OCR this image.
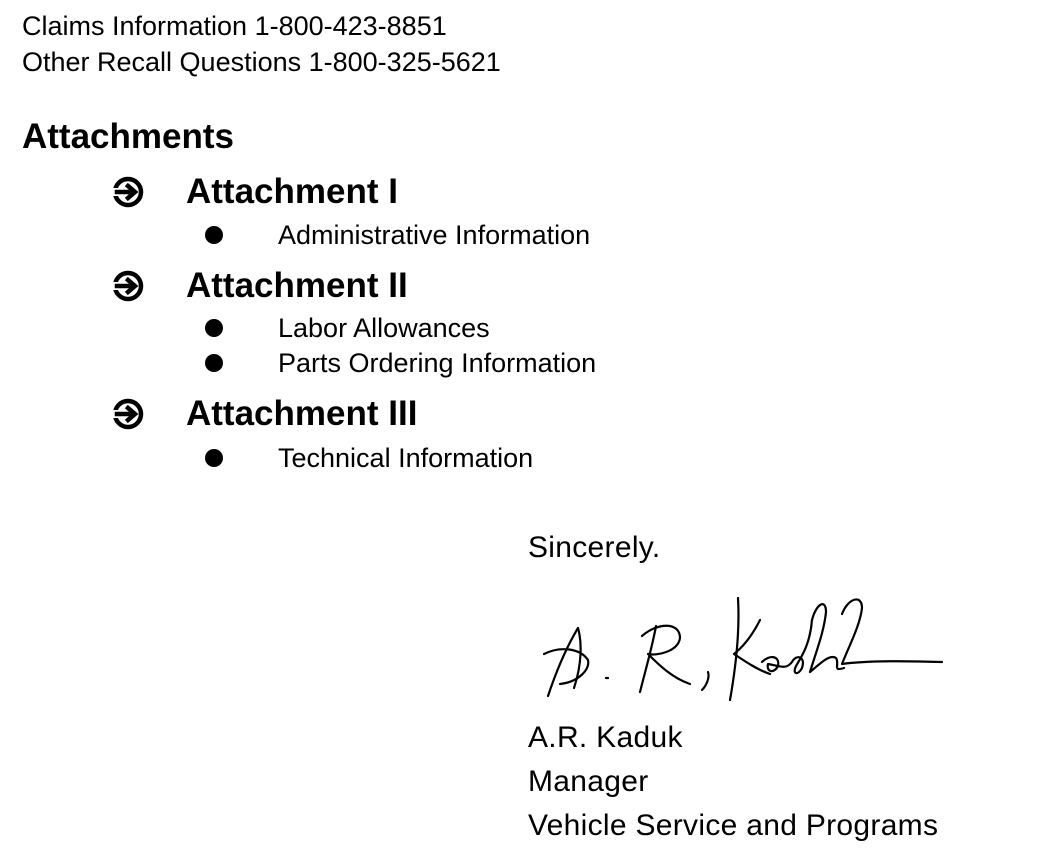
Claims Information 1-800-423-8851
Other Recall Questions 1-800-325-5621
Attachments
Attachment I
Administrative Information
Attachment II
Labor Allowances
Parts Ordering Information
Attachment III
Technical Information
Sincerely.
A.R. Kaduk
Manager
Vehicle Service and Programs
